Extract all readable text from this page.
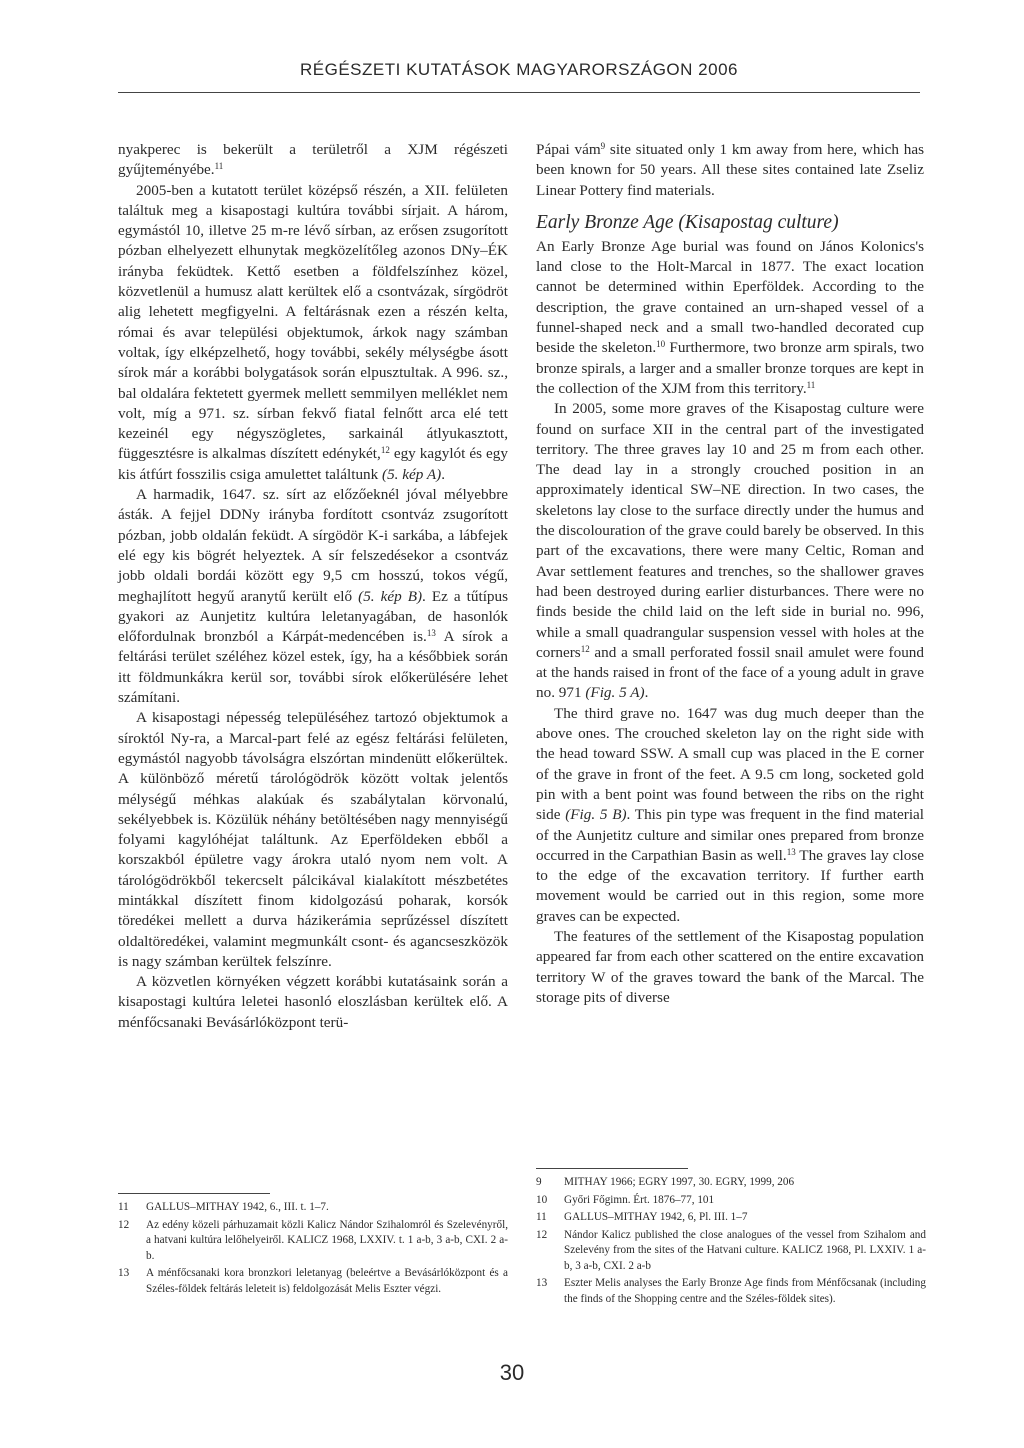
RÉGÉSZETI KUTATÁSOK MAGYARORSZÁGON 2006

nyakperec is bekerült a területről a XJM régészeti gyűjteményébe.$^{11}$

2005-ben a kutatott terület középső részén, a XII. felületen találtuk meg a kisapostagi kultúra további sírjait. A három, egymástól 10, illetve 25 m-re lévő sírban, az erősen zsugorított pózban elhelyezett elhunytak megközelítőleg azonos DNy–ÉK irányba feküdtek. Kettő esetben a földfelszínhez közel, közvetlenül a humusz alatt kerültek elő a csontvázak, sírgödröt alig lehetett megfigyelni. A feltárásnak ezen a részén kelta, római és avar települési objektumok, árkok nagy számban voltak, így elképzelhető, hogy további, sekély mélységbe ásott sírok már a korábbi bolygatások során elpusztultak. A 996. sz., bal oldalára fektetett gyermek mellett semmilyen melléklet nem volt, míg a 971. sz. sírban fekvő fiatal felnőtt arca elé tett kezeinél egy négyszögletes, sarkainál átlyukasztott, függesztésre is alkalmas díszített edénykét,$^{12}$ egy kagylót és egy kis átfúrt fosszilis csiga amulettet találtunk (5. kép A).

A harmadik, 1647. sz. sírt az előzőeknél jóval mélyebbre ásták. A fejjel DDNy irányba fordított csontváz zsugorított pózban, jobb oldalán feküdt. A sírgödör K-i sarkába, a lábfejek elé egy kis bögrét helyeztek. A sír felszedésekor a csontváz jobb oldali bordái között egy 9,5 cm hosszú, tokos végű, meghajlított hegyű aranytű került elő (5. kép B). Ez a tűtípus gyakori az Aunjetitz kultúra leletanyagában, de hasonlók előfordulnak bronzból a Kárpát-medencében is.$^{13}$ A sírok a feltárási terület széléhez közel estek, így, ha a későbbiek során itt földmunkákra kerül sor, további sírok előkerülésére lehet számítani.

A kisapostagi népesség településéhez tartozó objektumok a síroktól Ny-ra, a Marcal-part felé az egész feltárási felületen, egymástól nagyobb távolságra elszórtan mindenütt előkerültek. A különböző méretű tárológödrök között voltak jelentős mélységű méhkas alakúak és szabálytalan körvonalú, sekélyebbek is. Közülük néhány betöltésében nagy mennyiségű folyami kagylóhéjat találtunk. Az Eperföldeken ebből a korszakból épületre vagy árokra utaló nyom nem volt. A tárológödrökből tekercselt pálcikával kialakított mészbetétes mintákkal díszített finom kidolgozású poharak, korsók töredékei mellett a durva házikerámia seprűzéssel díszített oldaltöredékei, valamint megmunkált csont- és agancseszközök is nagy számban kerültek felszínre.

A közvetlen környéken végzett korábbi kutatásaink során a kisapostagi kultúra leletei hasonló eloszlásban kerültek elő. A ménfőcsanaki Bevásárlóközpont terü-

Pápai vám$^9$ site situated only 1 km away from here, which has been known for 50 years. All these sites contained late Zseliz Linear Pottery find materials.

Early Bronze Age (Kisapostag culture)

An Early Bronze Age burial was found on János Kolonics's land close to the Holt-Marcal in 1877. The exact location cannot be determined within Eperföldek. According to the description, the grave contained an urn-shaped vessel of a funnel-shaped neck and a small two-handled decorated cup beside the skeleton.$^{10}$ Furthermore, two bronze arm spirals, two bronze spirals, a larger and a smaller bronze torques are kept in the collection of the XJM from this territory.$^{11}$

In 2005, some more graves of the Kisapostag culture were found on surface XII in the central part of the investigated territory. The three graves lay 10 and 25 m from each other. The dead lay in a strongly crouched position in an approximately identical SW–NE direction. In two cases, the skeletons lay close to the surface directly under the humus and the discolouration of the grave could barely be observed. In this part of the excavations, there were many Celtic, Roman and Avar settlement features and trenches, so the shallower graves had been destroyed during earlier disturbances. There were no finds beside the child laid on the left side in burial no. 996, while a small quadrangular suspension vessel with holes at the corners$^{12}$ and a small perforated fossil snail amulet were found at the hands raised in front of the face of a young adult in grave no. 971 (Fig. 5 A).

The third grave no. 1647 was dug much deeper than the above ones. The crouched skeleton lay on the right side with the head toward SSW. A small cup was placed in the E corner of the grave in front of the feet. A 9.5 cm long, socketed gold pin with a bent point was found between the ribs on the right side (Fig. 5 B). This pin type was frequent in the find material of the Aunjetitz culture and similar ones prepared from bronze occurred in the Carpathian Basin as well.$^{13}$ The graves lay close to the edge of the excavation territory. If further earth movement would be carried out in this region, some more graves can be expected.

The features of the settlement of the Kisapostag population appeared far from each other scattered on the entire excavation territory W of the graves toward the bank of the Marcal. The storage pits of diverse

11	GALLUS–MITHAY 1942, 6., III. t. 1–7.
12	Az edény közeli párhuzamait közli Kalicz Nándor Szihalomról és Szelevényről, a hatvani kultúra lelőhelyeiről. KALICZ 1968, LXXIV. t. 1 a-b, 3 a-b, CXI. 2 a-b.
13	A ménfőcsanaki kora bronzkori leletanyag (beleértve a Bevásárlóközpont és a Széles-földek feltárás leleteit is) feldolgozását Melis Eszter végzi.
9	MITHAY 1966; EGRY 1997, 30. EGRY, 1999, 206
10	Győri Főgimn. Ért. 1876–77, 101
11	GALLUS–MITHAY 1942, 6, Pl. III. 1–7
12	Nándor Kalicz published the close analogues of the vessel from Szihalom and Szelevény from the sites of the Hatvani culture. KALICZ 1968, Pl. LXXIV. 1 a-b, 3 a-b, CXI. 2 a-b
13	Eszter Melis analyses the Early Bronze Age finds from Ménfőcsanak (including the finds of the Shopping centre and the Széles-földek sites).
30
